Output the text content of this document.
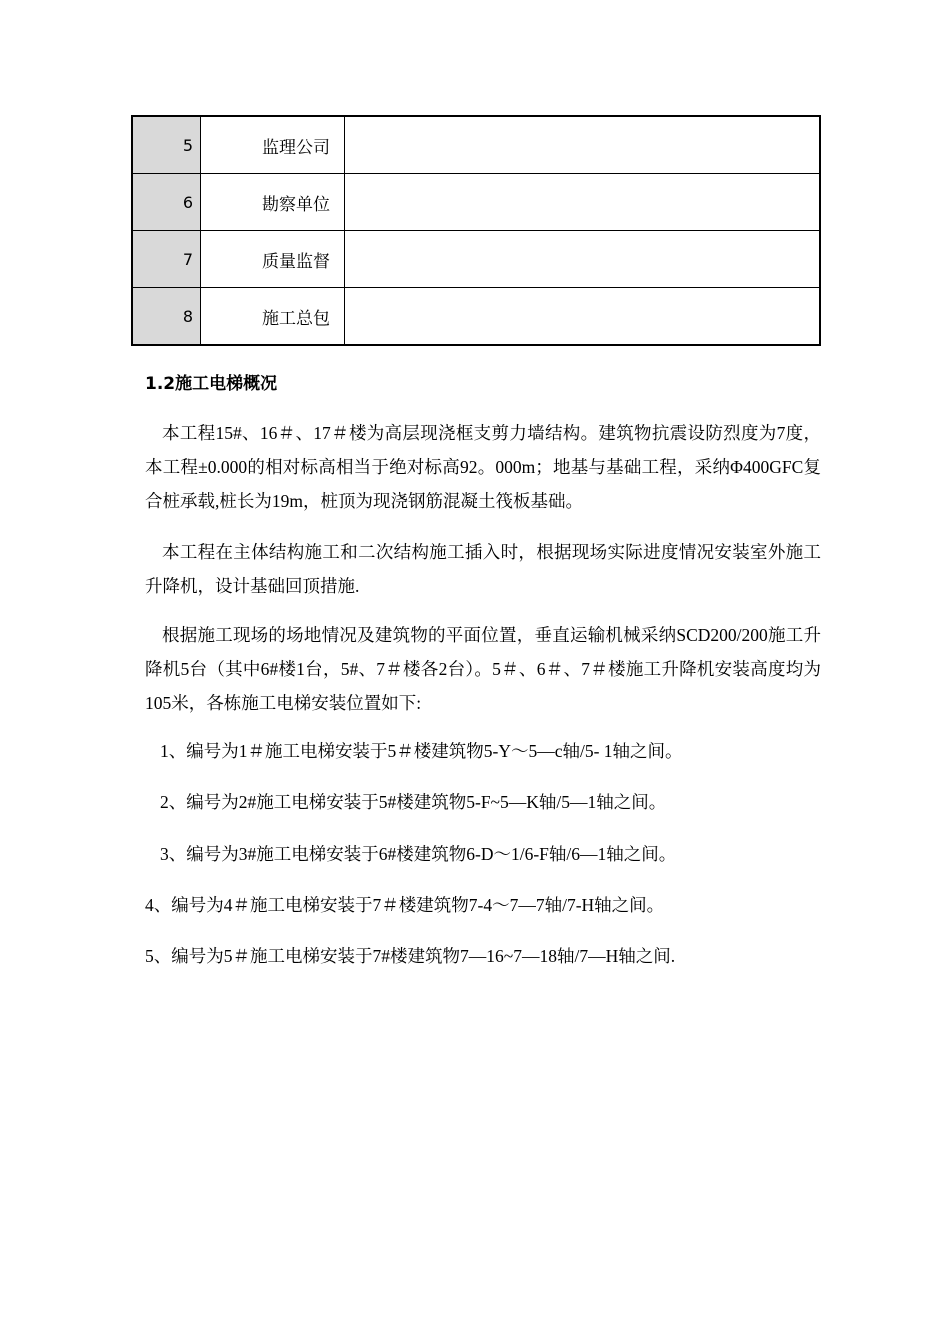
5	监理公司	
6	勘察单位	
7	质量监督	
8	施工总包	
1.2施工电梯概况

本工程15#、16＃、17＃楼为高层现浇框支剪力墙结构。建筑物抗震设防烈度为7度，本工程±0.000的相对标高相当于绝对标高92。000m；地基与基础工程，采纳Φ400GFC复合桩承载,桩长为19m，桩顶为现浇钢筋混凝土筏板基础。

本工程在主体结构施工和二次结构施工插入时，根据现场实际进度情况安装室外施工升降机，设计基础回顶措施.

根据施工现场的场地情况及建筑物的平面位置，垂直运输机械采纳SCD200/200施工升降机5台（其中6#楼1台，5#、7＃楼各2台）。5＃、6＃、7＃楼施工升降机安装高度均为105米，各栋施工电梯安装位置如下:

1、编号为1＃施工电梯安装于5＃楼建筑物5-Y～5—c轴/5- 1轴之间。

2、编号为2#施工电梯安装于5#楼建筑物5-F~5—K轴/5—1轴之间。

3、编号为3#施工电梯安装于6#楼建筑物6-D～1/6-F轴/6—1轴之间。

4、编号为4＃施工电梯安装于7＃楼建筑物7-4～7—7轴/7-H轴之间。

5、编号为5＃施工电梯安装于7#楼建筑物7—16~7—18轴/7—H轴之间.
